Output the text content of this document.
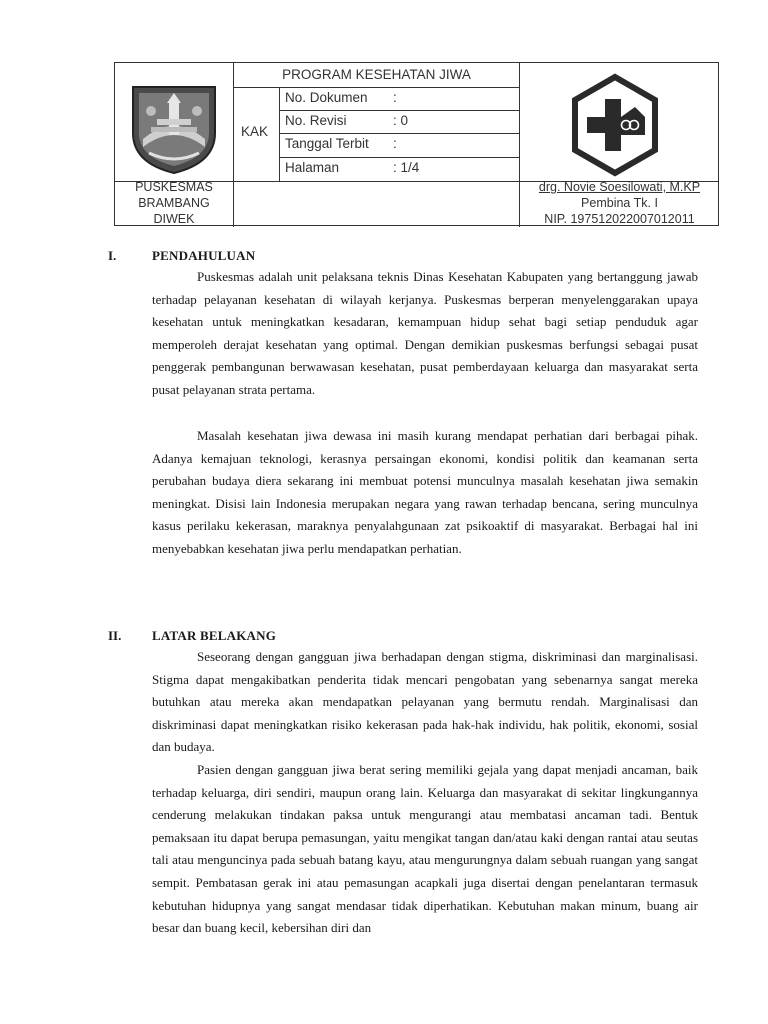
PROGRAM KESEHATAN JIWA
KAK
No. Dokumen :
No. Revisi	: 0
Tanggal Terbit :
Halaman	: 1/4
PUSKESMAS
BRAMBANG
DIWEK
drg. Novie Soesilowati, M.KP
Pembina Tk. I
NIP. 197512022007012011
I.	PENDAHULUAN

Puskesmas adalah unit pelaksana teknis Dinas Kesehatan Kabupaten yang bertanggung jawab terhadap pelayanan kesehatan di wilayah kerjanya. Puskesmas berperan menyelenggarakan upaya kesehatan untuk meningkatkan kesadaran, kemampuan hidup sehat bagi setiap penduduk agar memperoleh derajat kesehatan yang optimal. Dengan demikian puskesmas berfungsi sebagai pusat penggerak pembangunan berwawasan kesehatan, pusat pemberdayaan keluarga dan masyarakat serta pusat pelayanan strata pertama.

Masalah kesehatan jiwa dewasa ini masih kurang mendapat perhatian dari berbagai pihak. Adanya kemajuan teknologi, kerasnya persaingan ekonomi, kondisi politik dan keamanan serta perubahan budaya diera sekarang ini membuat potensi munculnya masalah kesehatan jiwa semakin meningkat. Disisi lain Indonesia merupakan negara yang rawan terhadap bencana, sering munculnya kasus perilaku kekerasan, maraknya penyalahgunaan zat psikoaktif di masyarakat. Berbagai hal ini menyebabkan kesehatan jiwa perlu mendapatkan perhatian.

II. LATAR BELAKANG

Seseorang dengan gangguan jiwa berhadapan dengan stigma, diskriminasi dan marginalisasi. Stigma dapat mengakibatkan penderita tidak mencari pengobatan yang sebenarnya sangat mereka butuhkan atau mereka akan mendapatkan pelayanan yang bermutu rendah. Marginalisasi dan diskriminasi dapat meningkatkan risiko kekerasan pada hak-hak individu, hak politik, ekonomi, sosial dan budaya.

Pasien dengan gangguan jiwa berat sering memiliki gejala yang dapat menjadi ancaman, baik terhadap keluarga, diri sendiri, maupun orang lain. Keluarga dan masyarakat di sekitar lingkungannya cenderung melakukan tindakan paksa untuk mengurangi atau membatasi ancaman tadi. Bentuk pemaksaan itu dapat berupa pemasungan, yaitu mengikat tangan dan/atau kaki dengan rantai atau seutas tali atau menguncinya pada sebuah batang kayu, atau mengurungnya dalam sebuah ruangan yang sangat sempit. Pembatasan gerak ini atau pemasungan acapkali juga disertai dengan penelantaran termasuk kebutuhan hidupnya yang sangat mendasar tidak diperhatikan. Kebutuhan makan minum, buang air besar dan buang kecil, kebersihan diri dan
